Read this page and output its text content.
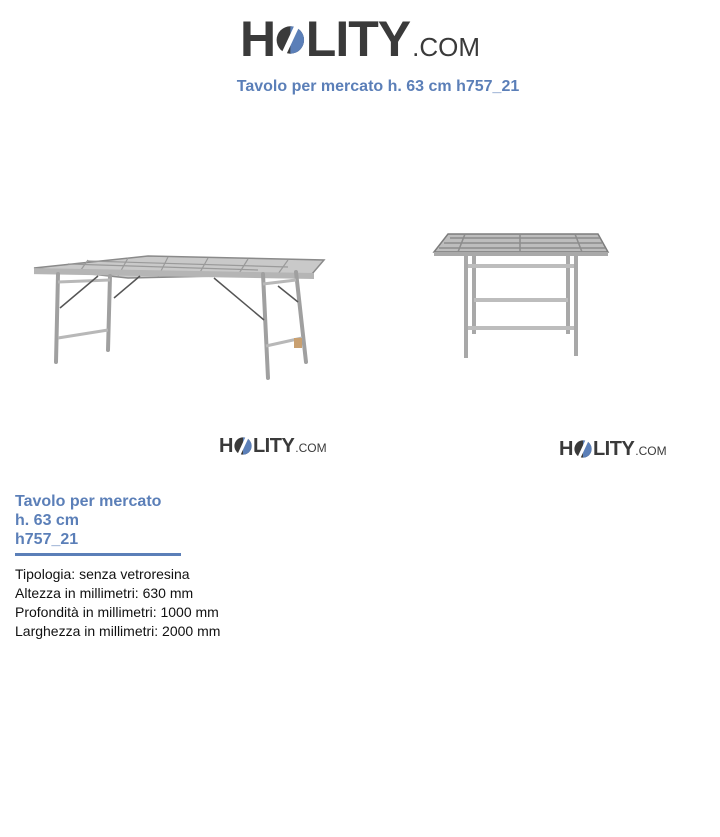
H LITY .COM
Tavolo per mercato h. 63 cm h757_21
H LITY .COM	H LITY .COM
Tavolo per mercato
h. 63 cm
h757_21
Tipologia: senza vetroresina
Altezza in millimetri: 630 mm
Profondità in millimetri: 1000 mm
Larghezza in millimetri: 2000 mm
